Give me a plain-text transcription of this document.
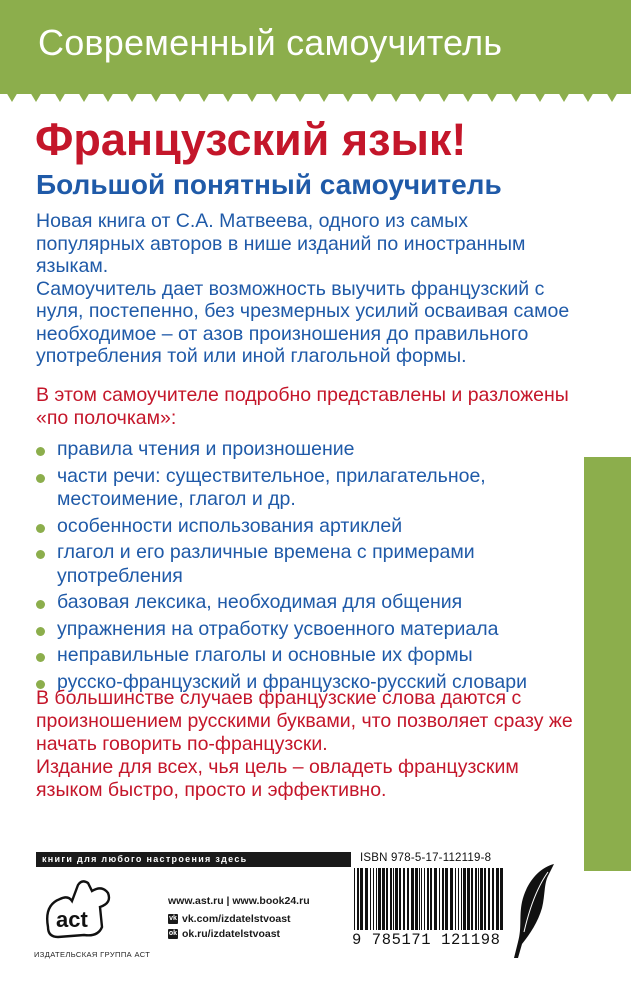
Современный самоучитель
Французский язык!
Большой понятный самоучитель

Новая книга от С.А. Матвеева, одного из самых популярных авторов в нише изданий по иностранным языкам.

Самоучитель дает возможность выучить французский с нуля, постепенно, без чрезмерных усилий осваивая самое необходимое – от азов произношения до правильного употребления той или иной глагольной формы.

В этом самоучителе подробно представлены и разложены «по полочкам»:
правила чтения и произношение
части речи: существительное, прилагательное, местоимение, глагол и др.
особенности использования артиклей
глагол и его различные времена с примерами употребления
базовая лексика, необходимая для общения
упражнения на отработку усвоенного материала
неправильные глаголы и основные их формы
русско-французский и французско-русский словари

В большинстве случаев французские слова даются с произношением русскими буквами, что позволяет сразу же начать говорить по-французски.

Издание для всех, чья цель – овладеть французским языком быстро, просто и эффективно.

книги для любого настроения здесь
act
ИЗДАТЕЛЬСКАЯ ГРУППА АСТ
www.ast.ru | www.book24.ru
vk vk.com/izdatelstvoast
ok ok.ru/izdatelstvoast
ISBN 978-5-17-112119-8
9 785171 121198
